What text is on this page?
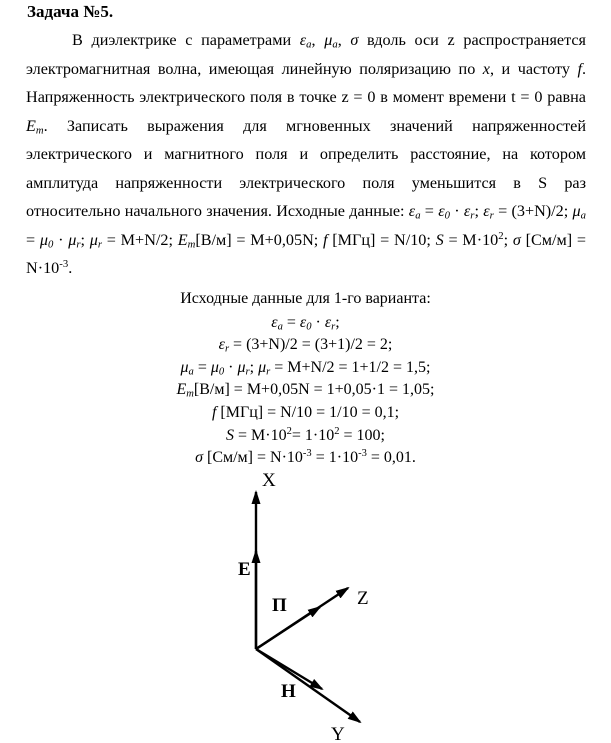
Задача №5.
В диэлектрике с параметрами εa, μa, σ вдоль оси z распространяется электромагнитная волна, имеющая линейную поляризацию по x, и частоту f. Напряженность электрического поля в точке z = 0 в момент времени t = 0 равна Em. Записать выражения для мгновенных значений напряженностей электрического и магнитного поля и определить расстояние, на котором амплитуда напряженности электрического поля уменьшится в S раз относительно начального значения. Исходные данные: εa = ε0 · εr; εr = (3+N)/2; μa = μ0 · μr; μr = M+N/2; Em[В/м] = M+0,05N; f [МГц] = N/10; $S = M\cdot 10^2$; σ $[См/м] = N\cdot 10^{-3}$.
Исходные данные для 1-го варианта:
εa = ε0 · εr;
εr = (3+N)/2 = (3+1)/2 = 2;
μa = μ0 · μr; μr = M+N/2 = 1+1/2 = 1,5;
Em[В/м] = M+0,05N = 1+0,05·1 = 1,05;
f [МГц] = N/10 = 1/10 = 0,1;
$S = M\cdot 10^2= 1\cdot 10^2 = 100$;
σ $[См/м] = N\cdot 10^{-3} = 1\cdot 10^{-3} = 0,01$.
X
Z
Y
E
П
H
